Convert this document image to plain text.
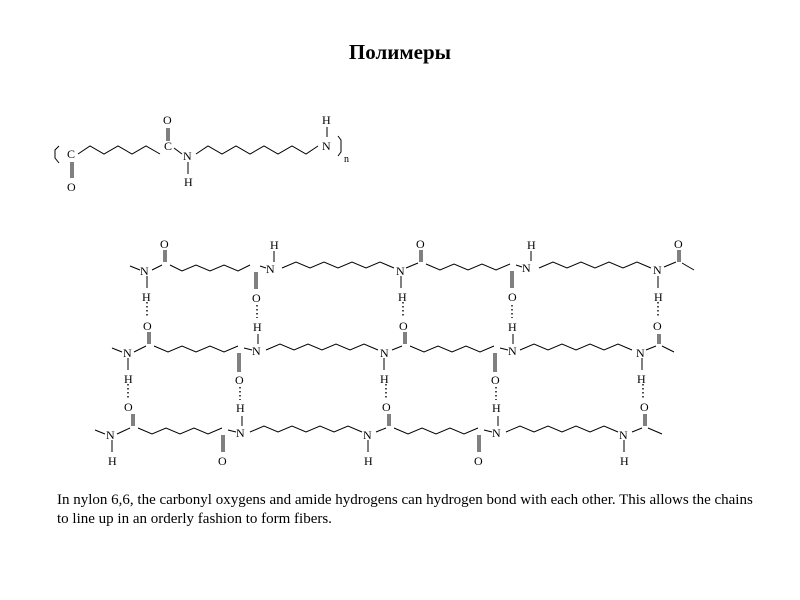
Полимеры
C
O
O
C
N
H
H
N
n
N
O
H
H
N
O
N
O
H
H
N
O
N
O
H
O
N
H
H
N
O
O
N
H
H
N
O
O
N
H
O
N
H
H
N
O
O
N
H
H
N
O
O
N
H

In nylon 6,6, the carbonyl oxygens and amide hydrogens can hydrogen bond with each other. This allows the chains to line up in an orderly fashion to form fibers.
